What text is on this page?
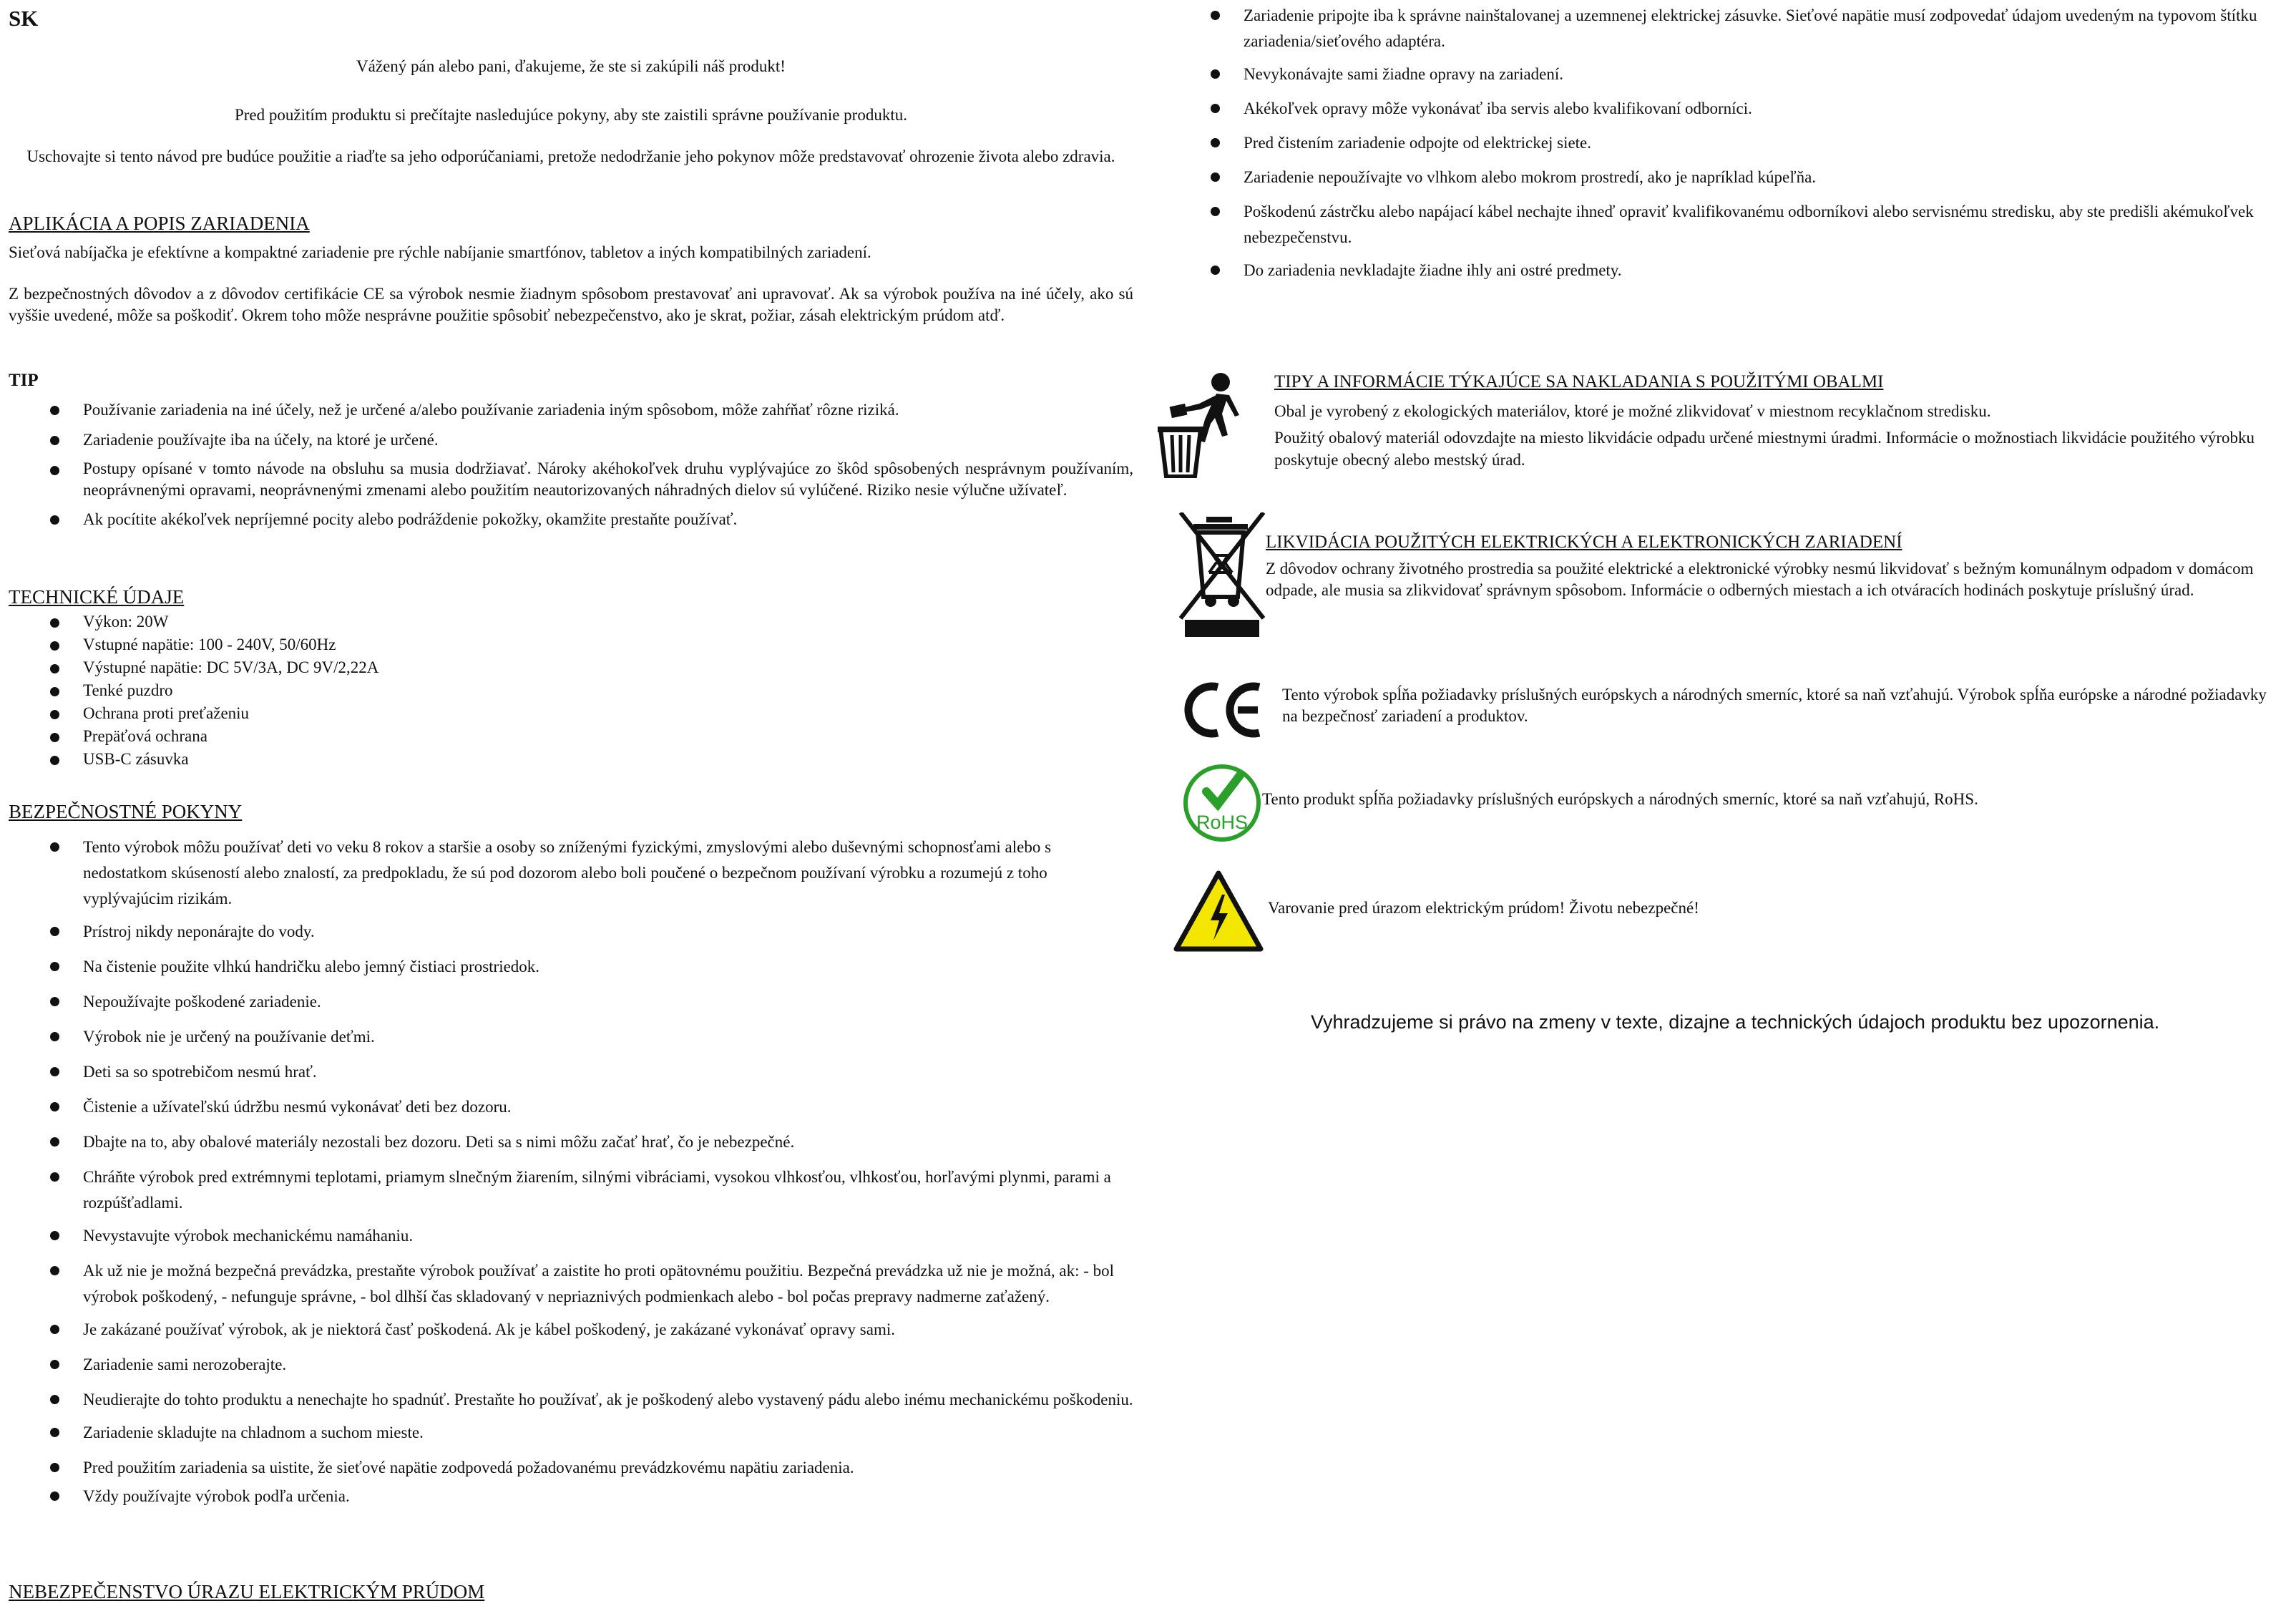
SK
Vážený pán alebo pani, ďakujeme, že ste si zakúpili náš produkt!
Pred použitím produktu si prečítajte nasledujúce pokyny, aby ste zaistili správne používanie produktu.
Uschovajte si tento návod pre budúce použitie a riaďte sa jeho odporúčaniami, pretože nedodržanie jeho pokynov môže predstavovať ohrozenie života alebo zdravia.
APLIKÁCIA A POPIS ZARIADENIA
Sieťová nabíjačka je efektívne a kompaktné zariadenie pre rýchle nabíjanie smartfónov, tabletov a iných kompatibilných zariadení.
Z bezpečnostných dôvodov a z dôvodov certifikácie CE sa výrobok nesmie žiadnym spôsobom prestavovať ani upravovať. Ak sa výrobok používa na iné účely, ako sú vyššie uvedené, môže sa poškodiť. Okrem toho môže nesprávne použitie spôsobiť nebezpečenstvo, ako je skrat, požiar, zásah elektrickým prúdom atď.
TIP
Používanie zariadenia na iné účely, než je určené a/alebo používanie zariadenia iným spôsobom, môže zahŕňať rôzne riziká.
Zariadenie používajte iba na účely, na ktoré je určené.
Postupy opísané v tomto návode na obsluhu sa musia dodržiavať. Nároky akéhokoľvek druhu vyplývajúce zo škôd spôsobených nesprávnym používaním, neoprávnenými opravami, neoprávnenými zmenami alebo použitím neautorizovaných náhradných dielov sú vylúčené. Riziko nesie výlučne užívateľ.
Ak pocítite akékoľvek nepríjemné pocity alebo podráždenie pokožky, okamžite prestaňte používať.
TECHNICKÉ ÚDAJE
Výkon: 20W
Vstupné napätie: 100 - 240V, 50/60Hz
Výstupné napätie: DC 5V/3A, DC 9V/2,22A
Tenké puzdro
Ochrana proti preťaženiu
Prepäťová ochrana
USB-C zásuvka
BEZPEČNOSTNÉ POKYNY
Tento výrobok môžu používať deti vo veku 8 rokov a staršie a osoby so zníženými fyzickými, zmyslovými alebo duševnými schopnosťami alebo s nedostatkom skúseností alebo znalostí, za predpokladu, že sú pod dozorom alebo boli poučené o bezpečnom používaní výrobku a rozumejú z toho vyplývajúcim rizikám.
Prístroj nikdy neponárajte do vody.
Na čistenie použite vlhkú handričku alebo jemný čistiaci prostriedok.
Nepoužívajte poškodené zariadenie.
Výrobok nie je určený na používanie deťmi.
Deti sa so spotrebičom nesmú hrať.
Čistenie a užívateľskú údržbu nesmú vykonávať deti bez dozoru.
Dbajte na to, aby obalové materiály nezostali bez dozoru. Deti sa s nimi môžu začať hrať, čo je nebezpečné.
Chráňte výrobok pred extrémnymi teplotami, priamym slnečným žiarením, silnými vibráciami, vysokou vlhkosťou, vlhkosťou, horľavými plynmi, parami a rozpúšťadlami.
Nevystavujte výrobok mechanickému namáhaniu.
Ak už nie je možná bezpečná prevádzka, prestaňte výrobok používať a zaistite ho proti opätovnému použitiu. Bezpečná prevádzka už nie je možná, ak: - bol výrobok poškodený, - nefunguje správne, - bol dlhší čas skladovaný v nepriaznivých podmienkach alebo - bol počas prepravy nadmerne zaťažený.
Je zakázané používať výrobok, ak je niektorá časť poškodená. Ak je kábel poškodený, je zakázané vykonávať opravy sami.
Zariadenie sami nerozoberajte.
Neudierajte do tohto produktu a nenechajte ho spadnúť. Prestaňte ho používať, ak je poškodený alebo vystavený pádu alebo inému mechanickému poškodeniu.
Zariadenie skladujte na chladnom a suchom mieste.
Pred použitím zariadenia sa uistite, že sieťové napätie zodpovedá požadovanému prevádzkovému napätiu zariadenia.
Vždy používajte výrobok podľa určenia.
NEBEZPEČENSTVO ÚRAZU ELEKTRICKÝM PRÚDOM
Zariadenie pripojte iba k správne nainštalovanej a uzemnenej elektrickej zásuvke. Sieťové napätie musí zodpovedať údajom uvedeným na typovom štítku zariadenia/sieťového adaptéra.
Nevykonávajte sami žiadne opravy na zariadení.
Akékoľvek opravy môže vykonávať iba servis alebo kvalifikovaní odborníci.
Pred čistením zariadenie odpojte od elektrickej siete.
Zariadenie nepoužívajte vo vlhkom alebo mokrom prostredí, ako je napríklad kúpeľňa.
Poškodenú zástrčku alebo napájací kábel nechajte ihneď opraviť kvalifikovanému odborníkovi alebo servisnému stredisku, aby ste predišli akémukoľvek nebezpečenstvu.
Do zariadenia nevkladajte žiadne ihly ani ostré predmety.
TIPY A INFORMÁCIE TÝKAJÚCE SA NAKLADANIA S POUŽITÝMI OBALMI
Obal je vyrobený z ekologických materiálov, ktoré je možné zlikvidovať v miestnom recyklačnom stredisku.
Použitý obalový materiál odovzdajte na miesto likvidácie odpadu určené miestnymi úradmi. Informácie o možnostiach likvidácie použitého výrobku poskytuje obecný alebo mestský úrad.
LIKVIDÁCIA POUŽITÝCH ELEKTRICKÝCH A ELEKTRONICKÝCH ZARIADENÍ
Z dôvodov ochrany životného prostredia sa použité elektrické a elektronické výrobky nesmú likvidovať s bežným komunálnym odpadom v domácom odpade, ale musia sa zlikvidovať správnym spôsobom. Informácie o odberných miestach a ich otváracích hodinách poskytuje príslušný úrad.
Tento výrobok spĺňa požiadavky príslušných európskych a národných smerníc, ktoré sa naň vzťahujú. Výrobok spĺňa európske a národné požiadavky na bezpečnosť zariadení a produktov.
RoHS
Tento produkt spĺňa požiadavky príslušných európskych a národných smerníc, ktoré sa naň vzťahujú, RoHS.
Varovanie pred úrazom elektrickým prúdom! Životu nebezpečné!
Vyhradzujeme si právo na zmeny v texte, dizajne a technických údajoch produktu bez upozornenia.
